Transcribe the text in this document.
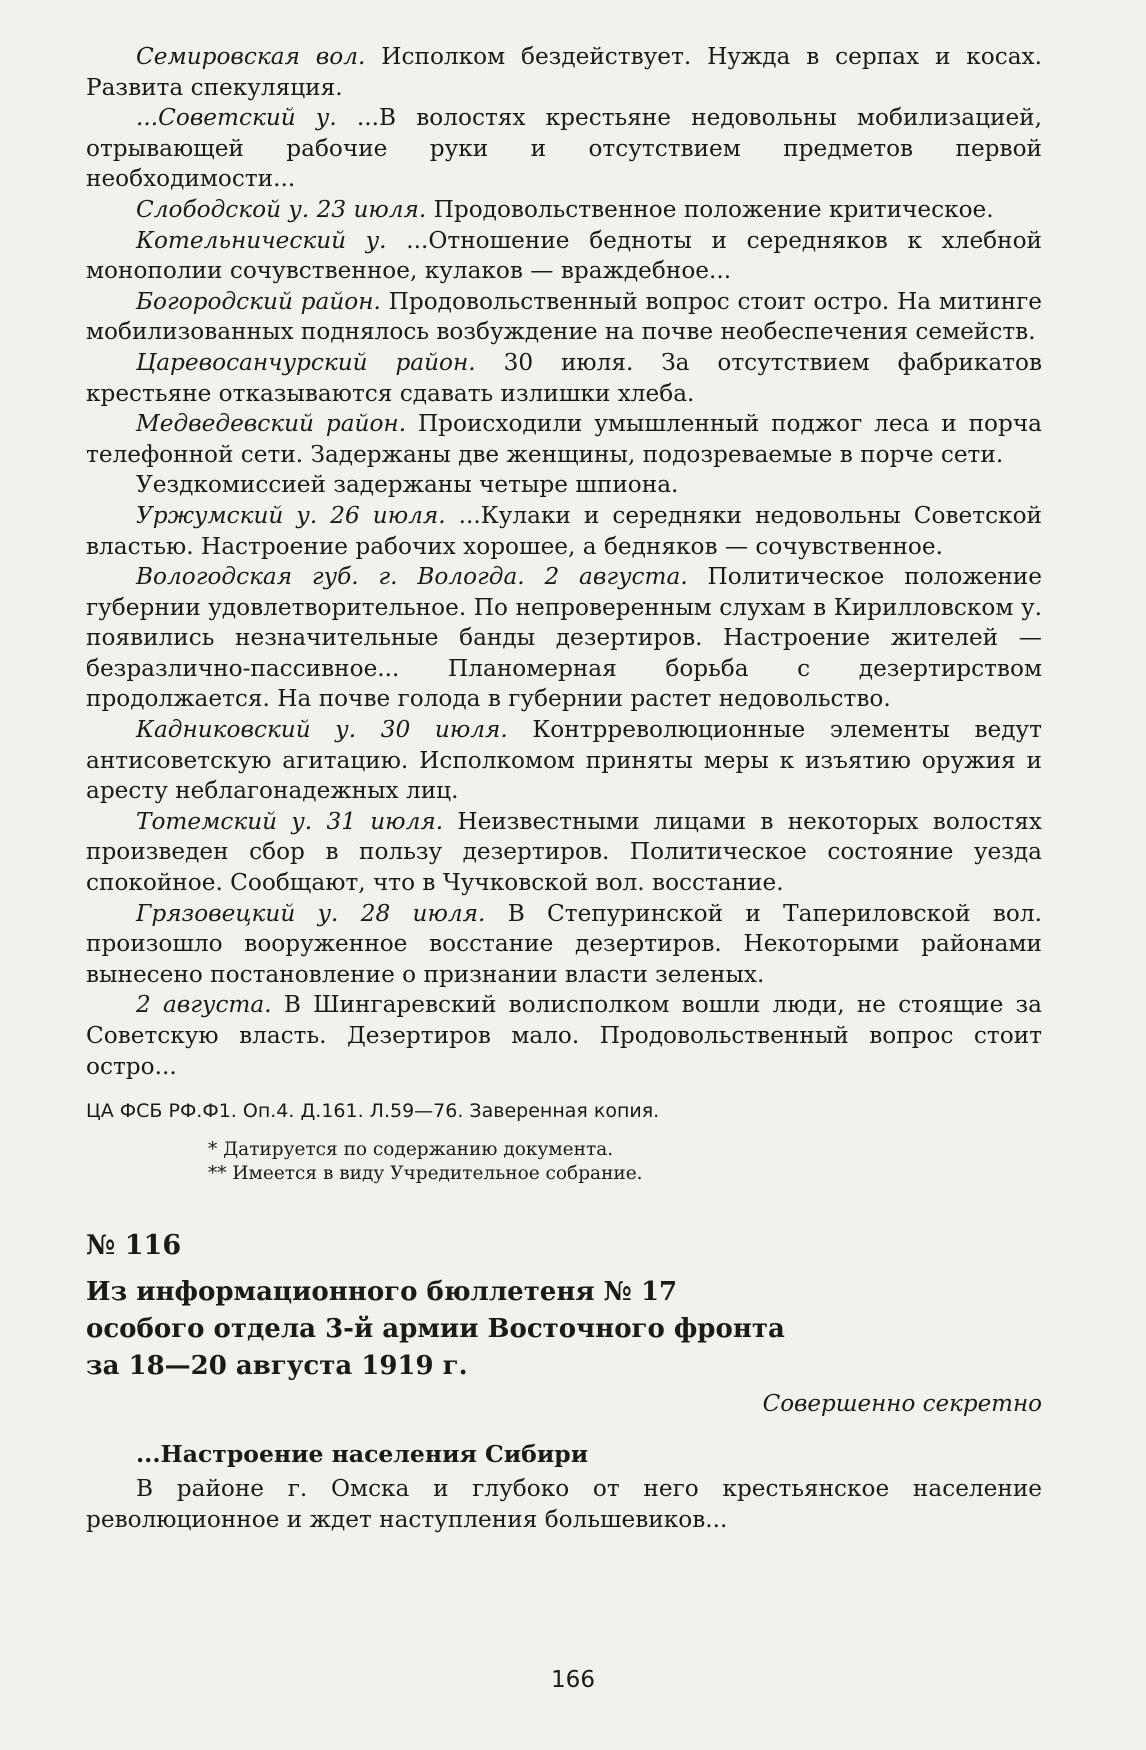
Семировская вол. Исполком бездействует. Нужда в серпах и косах. Развита спекуляция.

...Советский у. ...В волостях крестьяне недовольны мобилизацией, отрывающей рабочие руки и отсутствием предметов первой необходимости...

Слободской у. 23 июля. Продовольственное положение критическое.

Котельнический у. ...Отношение бедноты и середняков к хлебной монополии сочувственное, кулаков — враждебное...

Богородский район. Продовольственный вопрос стоит остро. На митинге мобилизованных поднялось возбуждение на почве необеспечения семейств.

Царевосанчурский район. 30 июля. За отсутствием фабрикатов крестьяне отказываются сдавать излишки хлеба.

Медведевский район. Происходили умышленный поджог леса и порча телефонной сети. Задержаны две женщины, подозреваемые в порче сети.

Уездкомиссией задержаны четыре шпиона.

Уржумский у. 26 июля. ...Кулаки и середняки недовольны Советской властью. Настроение рабочих хорошее, а бедняков — сочувственное.

Вологодская губ. г. Вологда. 2 августа. Политическое положение губернии удовлетворительное. По непроверенным слухам в Кирилловском у. появились незначительные банды дезертиров. Настроение жителей — безразлично-пассивное... Планомерная борьба с дезертирством продолжается. На почве голода в губернии растет недовольство.

Кадниковский у. 30 июля. Контрреволюционные элементы ведут антисоветскую агитацию. Исполкомом приняты меры к изъятию оружия и аресту неблагонадежных лиц.

Тотемский у. 31 июля. Неизвестными лицами в некоторых волостях произведен сбор в пользу дезертиров. Политическое состояние уезда спокойное. Сообщают, что в Чучковской вол. восстание.

Грязовецкий у. 28 июля. В Степуринской и Тапериловской вол. произошло вооруженное восстание дезертиров. Некоторыми районами вынесено постановление о признании власти зеленых.

2 августа. В Шингаревский волисполком вошли люди, не стоящие за Советскую власть. Дезертиров мало. Продовольственный вопрос стоит остро...

ЦА ФСБ РФ.Ф1. Оп.4. Д.161. Л.59—76. Заверенная копия.

* Датируется по содержанию документа.

** Имеется в виду Учредительное собрание.

№ 116

Из информационного бюллетеня № 17
особого отдела 3-й армии Восточного фронта
за 18—20 августа 1919 г.

Совершенно секретно

...Настроение населения Сибири

В районе г. Омска и глубоко от него крестьянское население революционное и ждет наступления большевиков...

166
